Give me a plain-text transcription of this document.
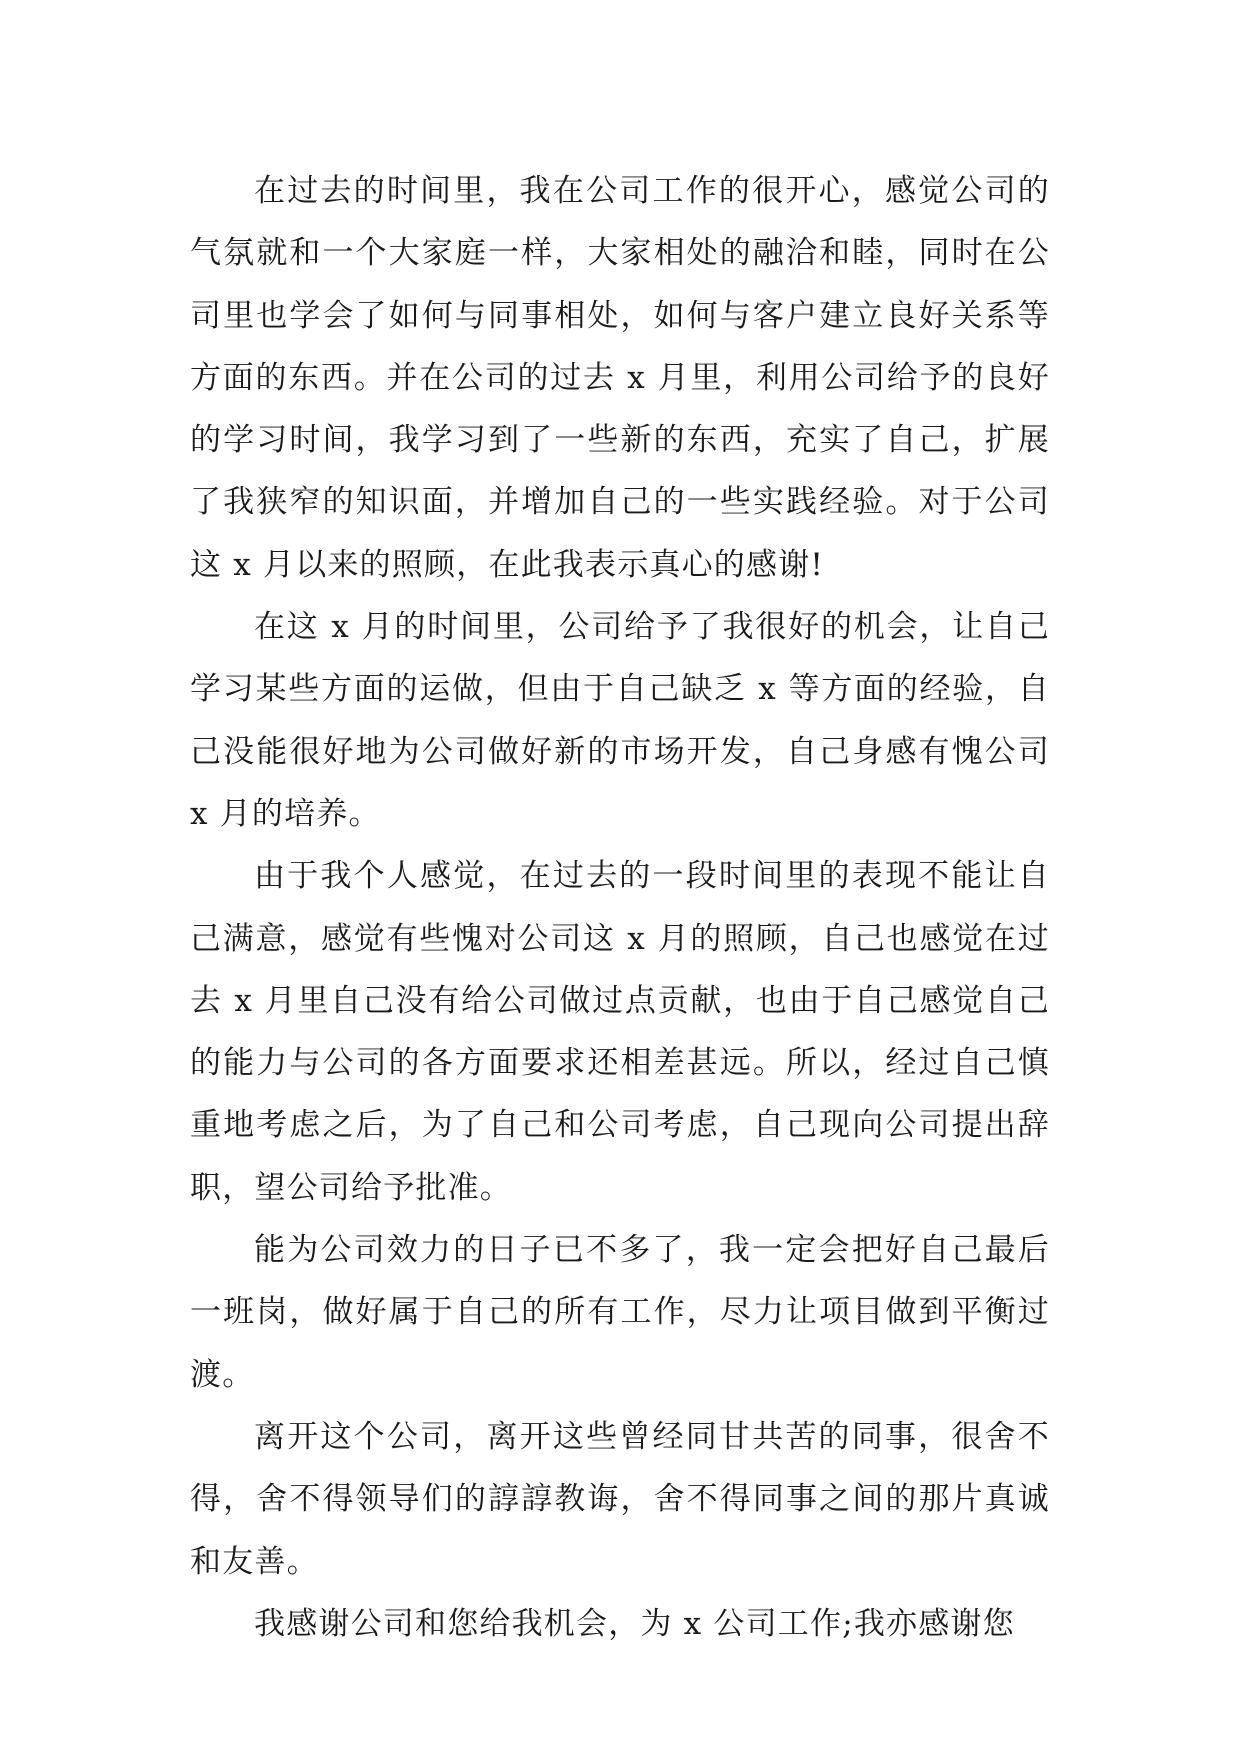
在过去的时间里，我在公司工作的很开心，感觉公司的气氛就和一个大家庭一样，大家相处的融洽和睦，同时在公司里也学会了如何与同事相处，如何与客户建立良好关系等方面的东西。并在公司的过去 x 月里，利用公司给予的良好的学习时间，我学习到了一些新的东西，充实了自己，扩展了我狭窄的知识面，并增加自己的一些实践经验。对于公司这 x 月以来的照顾，在此我表示真心的感谢!

在这 x 月的时间里，公司给予了我很好的机会，让自己学习某些方面的运做，但由于自己缺乏 x 等方面的经验，自己没能很好地为公司做好新的市场开发，自己身感有愧公司 x 月的培养。

由于我个人感觉，在过去的一段时间里的表现不能让自己满意，感觉有些愧对公司这 x 月的照顾，自己也感觉在过去 x 月里自己没有给公司做过点贡献，也由于自己感觉自己的能力与公司的各方面要求还相差甚远。所以，经过自己慎重地考虑之后，为了自己和公司考虑，自己现向公司提出辞职，望公司给予批准。

能为公司效力的日子已不多了，我一定会把好自己最后一班岗，做好属于自己的所有工作，尽力让项目做到平衡过渡。

离开这个公司，离开这些曾经同甘共苦的同事，很舍不得，舍不得领导们的諄諄教诲，舍不得同事之间的那片真诚和友善。

我感谢公司和您给我机会，为 x 公司工作;我亦感谢您
